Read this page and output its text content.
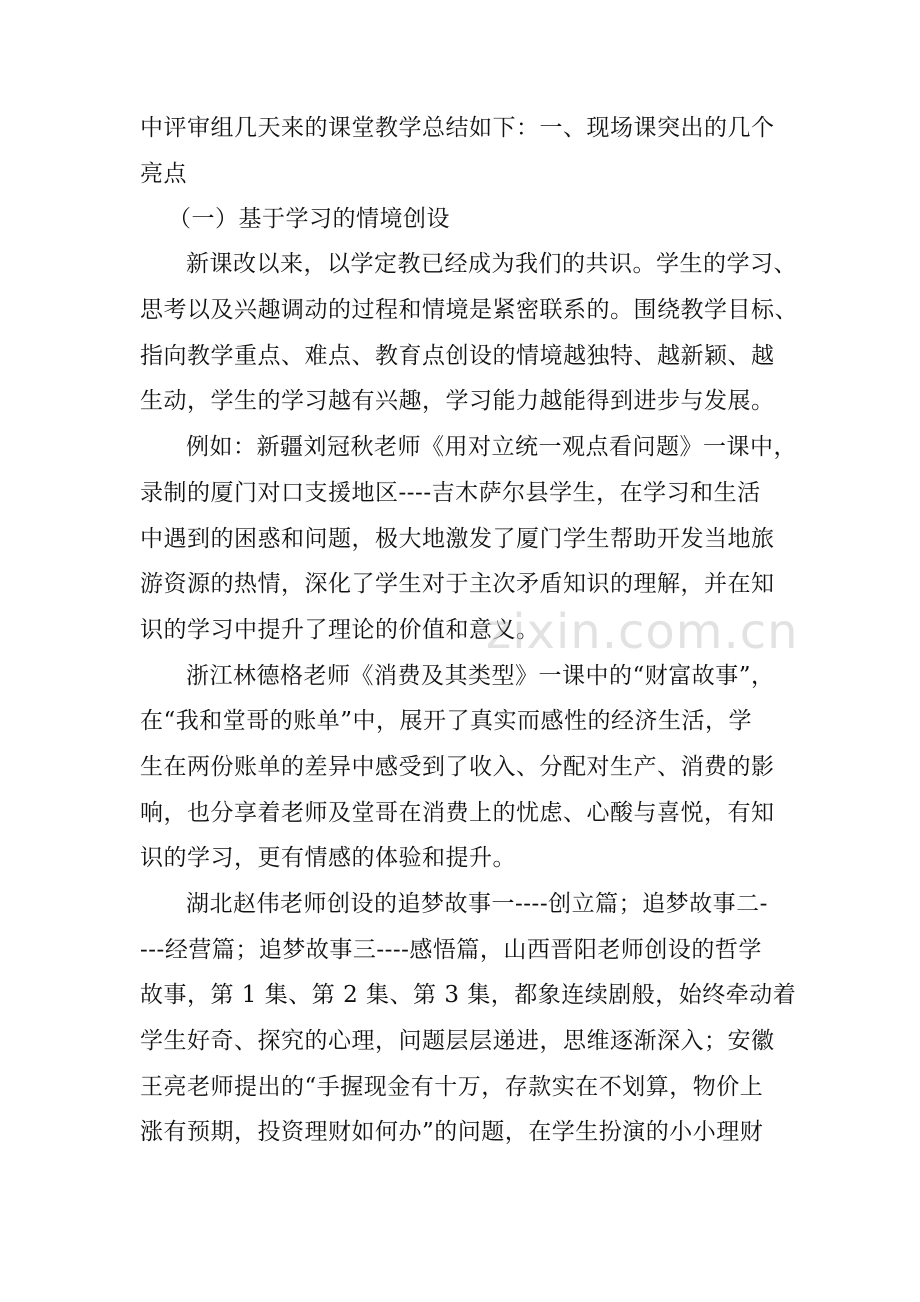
中评审组几天来的课堂教学总结如下：一、现场课突出的几个
亮点
（一）基于学习的情境创设
新课改以来，以学定教已经成为我们的共识。学生的学习、
思考以及兴趣调动的过程和情境是紧密联系的。围绕教学目标、
指向教学重点、难点、教育点创设的情境越独特、越新颖、越
生动，学生的学习越有兴趣，学习能力越能得到进步与发展。
例如：新疆刘冠秋老师《用对立统一观点看问题》一课中，
录制的厦门对口支援地区----吉木萨尔县学生，在学习和生活
中遇到的困惑和问题，极大地激发了厦门学生帮助开发当地旅
游资源的热情，深化了学生对于主次矛盾知识的理解，并在知
识的学习中提升了理论的价值和意义。
浙江林德格老师《消费及其类型》一课中的“财富故事”，
在“我和堂哥的账单”中，展开了真实而感性的经济生活，学
生在两份账单的差异中感受到了收入、分配对生产、消费的影
响，也分享着老师及堂哥在消费上的忧虑、心酸与喜悦，有知
识的学习，更有情感的体验和提升。
湖北赵伟老师创设的追梦故事一----创立篇；追梦故事二-
---经营篇；追梦故事三----感悟篇，山西晋阳老师创设的哲学
故事，第 1 集、第 2 集、第 3 集，都象连续剧般，始终牵动着
学生好奇、探究的心理，问题层层递进，思维逐渐深入；安徽
王亮老师提出的“手握现金有十万，存款实在不划算，物价上
涨有预期，投资理财如何办”的问题，在学生扮演的小小理财
zixin.com.cn
